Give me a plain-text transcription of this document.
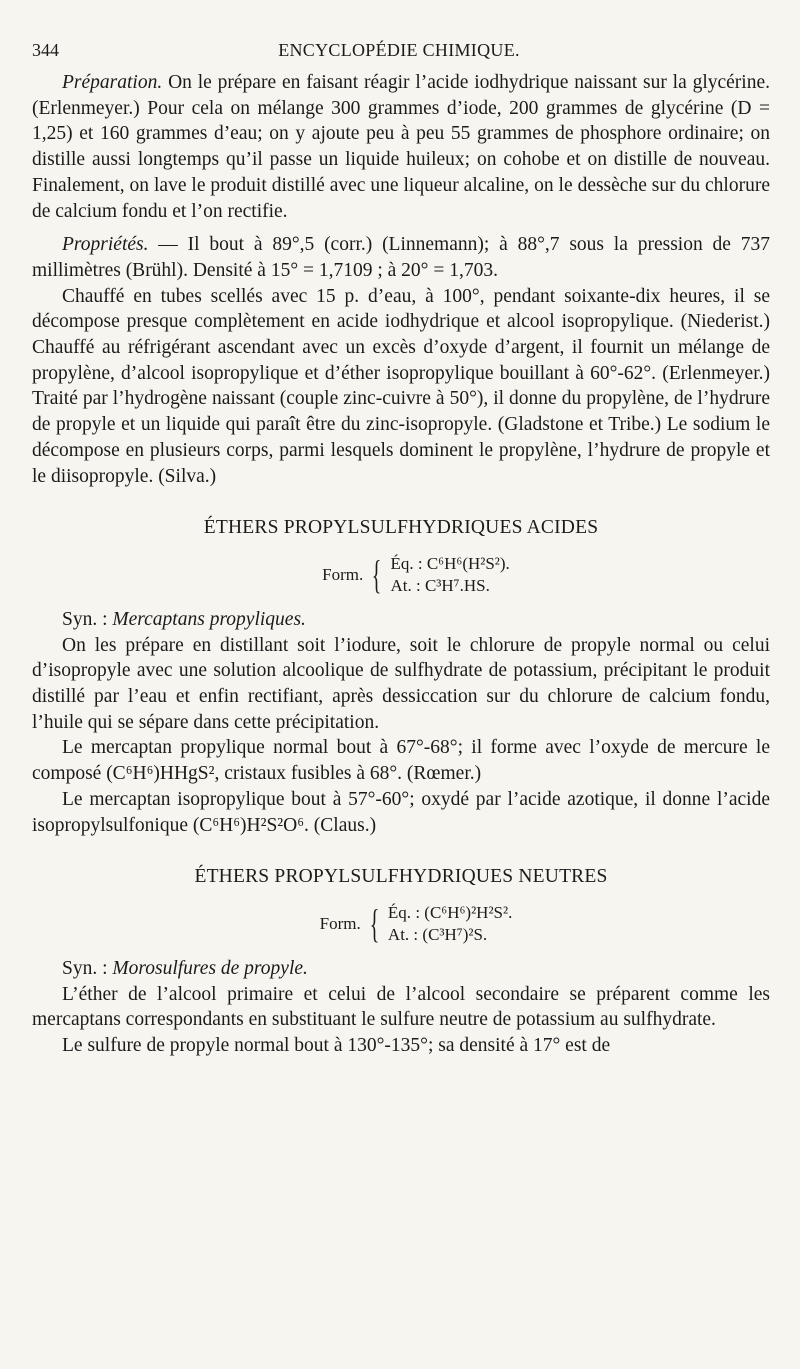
344	ENCYCLOPÉDIE CHIMIQUE.

Préparation. On le prépare en faisant réagir l’acide iodhydrique naissant sur la glycérine. (Erlenmeyer.) Pour cela on mélange 300 grammes d’iode, 200 grammes de glycérine (D = 1,25) et 160 grammes d’eau; on y ajoute peu à peu 55 grammes de phosphore ordinaire; on distille aussi longtemps qu’il passe un liquide huileux; on cohobe et on distille de nouveau. Finalement, on lave le produit distillé avec une liqueur alcaline, on le dessèche sur du chlorure de calcium fondu et l’on rectifie.

Propriétés. — Il bout à 89°,5 (corr.) (Linnemann); à 88°,7 sous la pression de 737 millimètres (Brühl). Densité à 15° = 1,7109 ; à 20° = 1,703.

Chauffé en tubes scellés avec 15 p. d’eau, à 100°, pendant soixante-dix heures, il se décompose presque complètement en acide iodhydrique et alcool isopropylique. (Niederist.) Chauffé au réfrigérant ascendant avec un excès d’oxyde d’argent, il fournit un mélange de propylène, d’alcool isopropylique et d’éther isopropylique bouillant à 60°-62°. (Erlenmeyer.) Traité par l’hydrogène naissant (couple zinc-cuivre à 50°), il donne du propylène, de l’hydrure de propyle et un liquide qui paraît être du zinc-isopropyle. (Gladstone et Tribe.) Le sodium le décompose en plusieurs corps, parmi lesquels dominent le propylène, l’hydrure de propyle et le diisopropyle. (Silva.)

ÉTHERS PROPYLSULFHYDRIQUES ACIDES
Form. { Éq. : C⁶H⁶(H²S²).
At. : C³H⁷.HS.

Syn. : Mercaptans propyliques.

On les prépare en distillant soit l’iodure, soit le chlorure de propyle normal ou celui d’isopropyle avec une solution alcoolique de sulfhydrate de potassium, précipitant le produit distillé par l’eau et enfin rectifiant, après dessiccation sur du chlorure de calcium fondu, l’huile qui se sépare dans cette précipitation.

Le mercaptan propylique normal bout à 67°-68°; il forme avec l’oxyde de mercure le composé (C⁶H⁶)HHgS², cristaux fusibles à 68°. (Rœmer.)

Le mercaptan isopropylique bout à 57°-60°; oxydé par l’acide azotique, il donne l’acide isopropylsulfonique (C⁶H⁶)H²S²O⁶. (Claus.)

ÉTHERS PROPYLSULFHYDRIQUES NEUTRES
Form. { Éq. : (C⁶H⁶)²H²S².
At. : (C³H⁷)²S.

Syn. : Morosulfures de propyle.

L’éther de l’alcool primaire et celui de l’alcool secondaire se préparent comme les mercaptans correspondants en substituant le sulfure neutre de potassium au sulfhydrate.

Le sulfure de propyle normal bout à 130°-135°; sa densité à 17° est de
